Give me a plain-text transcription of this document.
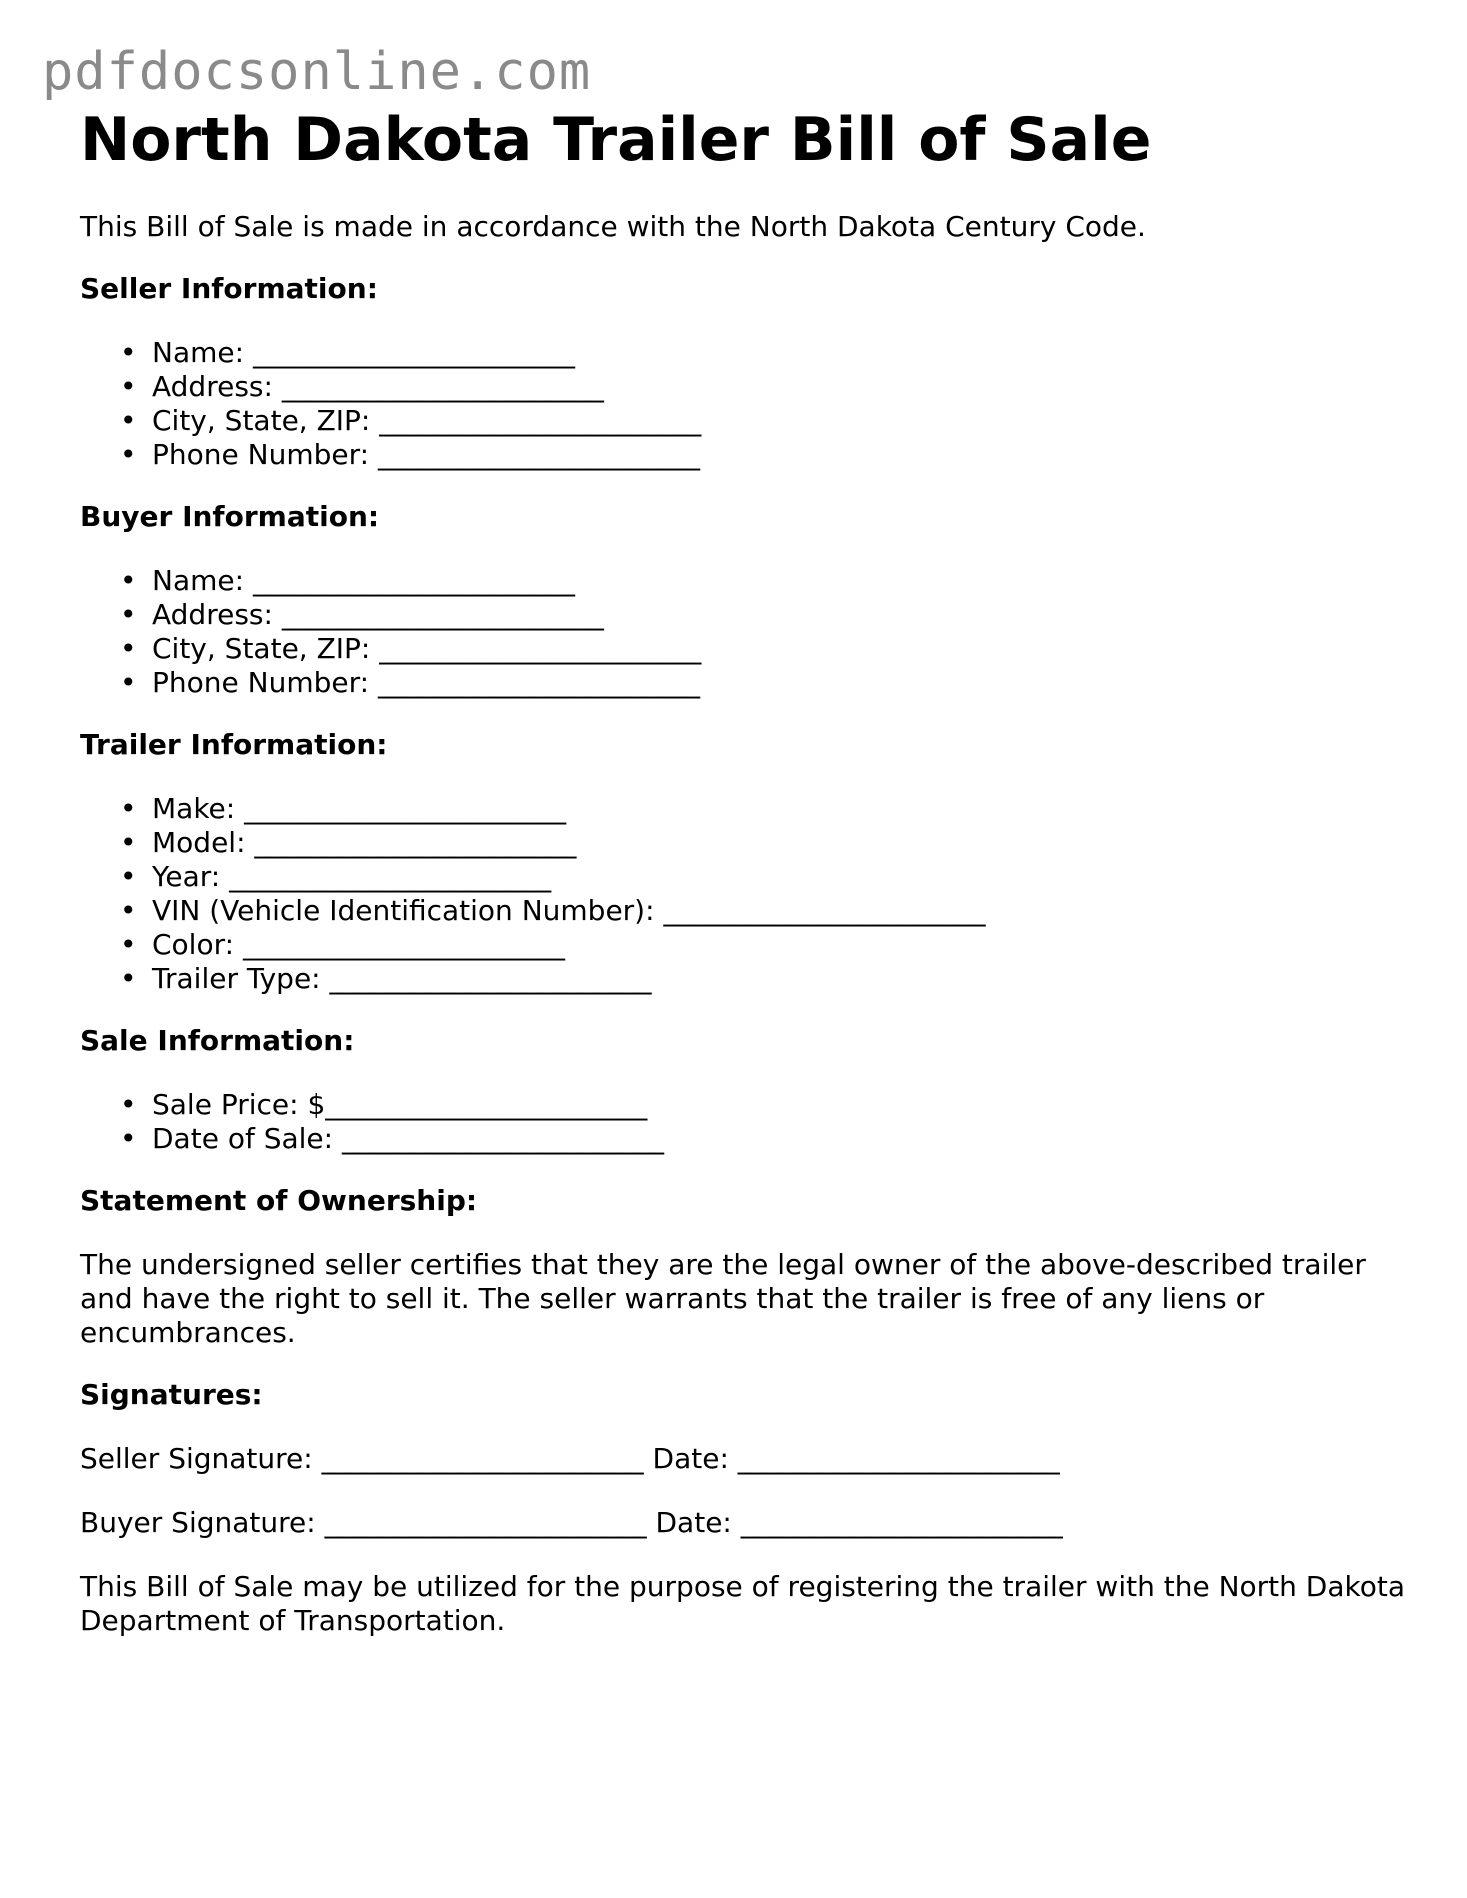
pdfdocsonline.com
North Dakota Trailer Bill of Sale

This Bill of Sale is made in accordance with the North Dakota Century Code.

Seller Information:

• Name: _______________________
• Address: _______________________
• City, State, ZIP: _______________________
• Phone Number: _______________________

Buyer Information:

• Name: _______________________
• Address: _______________________
• City, State, ZIP: _______________________
• Phone Number: _______________________

Trailer Information:

• Make: _______________________
• Model: _______________________
• Year: _______________________
• VIN (Vehicle Identification Number): _______________________
• Color: _______________________
• Trailer Type: _______________________

Sale Information:

• Sale Price: $_______________________
• Date of Sale: _______________________

Statement of Ownership:

The undersigned seller certifies that they are the legal owner of the above-described trailer and have the right to sell it. The seller warrants that the trailer is free of any liens or encumbrances.

Signatures:

Seller Signature: _______________________ Date: _______________________

Buyer Signature: _______________________ Date: _______________________

This Bill of Sale may be utilized for the purpose of registering the trailer with the North Dakota Department of Transportation.
